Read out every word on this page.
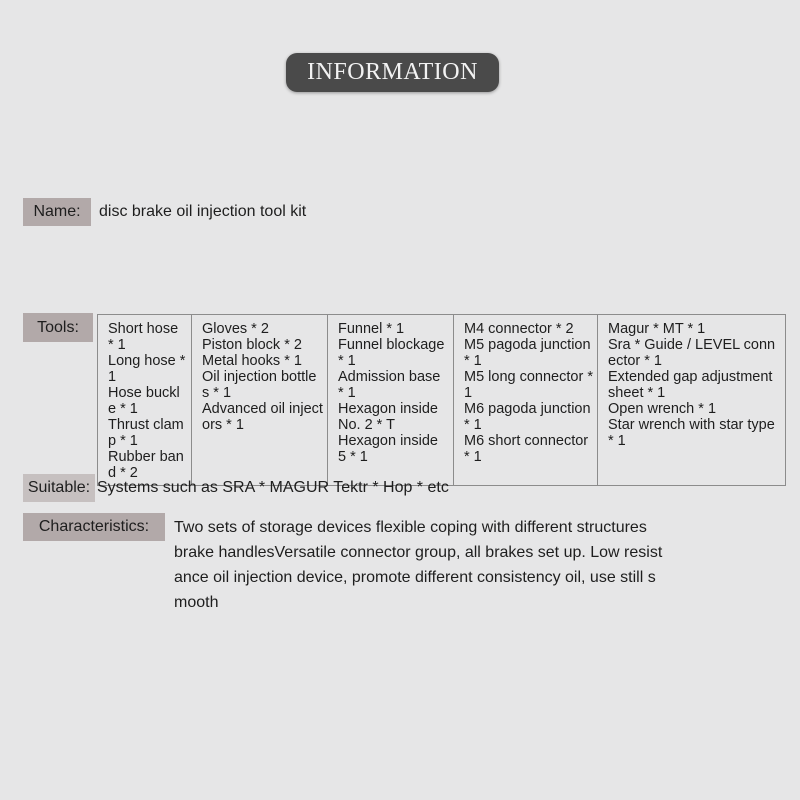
INFORMATION
Name:	disc brake oil injection tool kit
Tools:	Short hose * 1
Long hose * 1
Hose buckle * 1
Thrust clamp * 1
Rubber band * 2

Gloves * 2
Piston block * 2
Metal hooks * 1
Oil injection bottles * 1
Advanced oil injectors * 1

Funnel * 1
Funnel blockage * 1
Admission base * 1
Hexagon inside No. 2 * T
Hexagon inside 5 * 1

M4 connector * 2
M5 pagoda junction * 1
M5 long connector * 1
M6 pagoda junction * 1
M6 short connector * 1

Magur * MT * 1
Sra * Guide / LEVEL connector * 1
Extended gap adjustment sheet * 1
Open wrench * 1
Star wrench with star type * 1
Suitable: Systems such as SRA * MAGUR Tektr * Hop * etc
Characteristics:	Two sets of storage devices flexible coping with different structures
brake handlesVersatile connector group, all brakes set up. Low resist
ance oil injection device, promote different consistency oil, use still s
mooth
